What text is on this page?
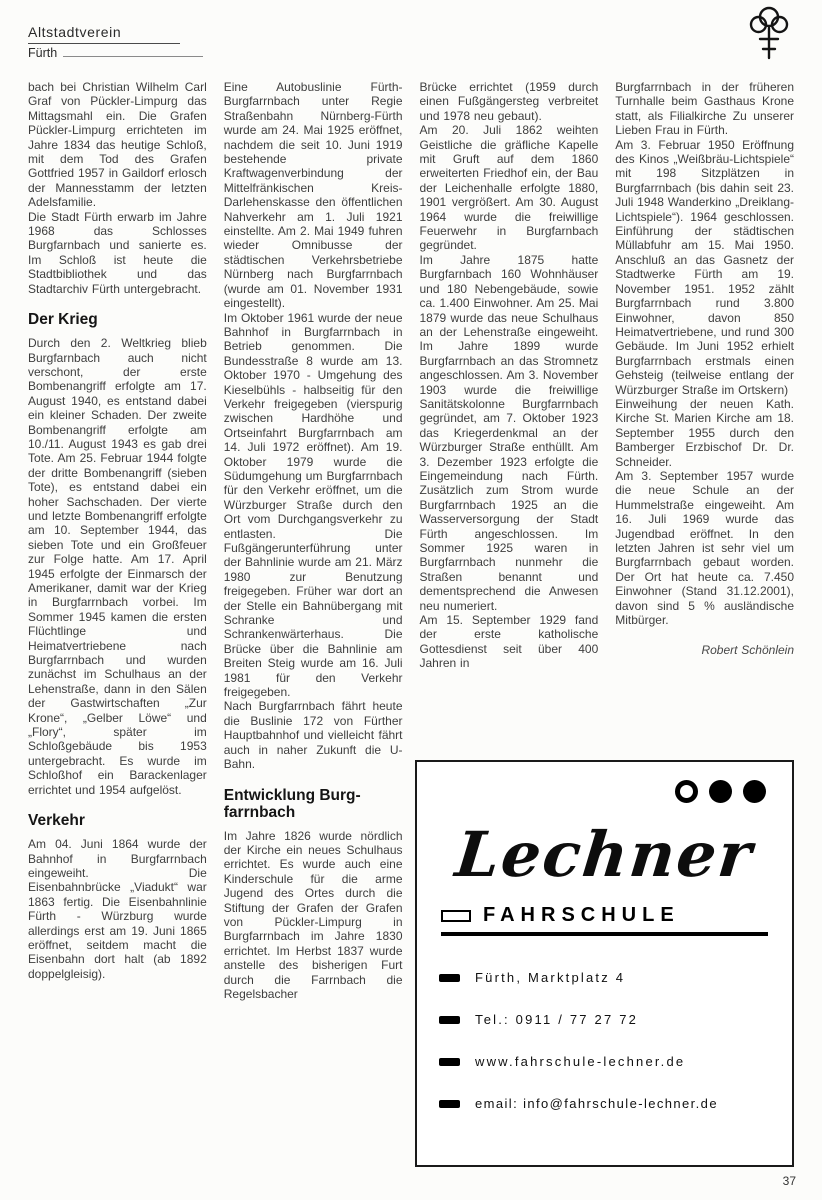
Altstadtverein
Fürth

bach bei Christian Wilhelm Carl Graf von Pückler-Limpurg das Mittagsmahl ein. Die Grafen Pückler-Limpurg errichteten im Jahre 1834 das heutige Schloß, mit dem Tod des Grafen Gottfried 1957 in Gaildorf erlosch der Mannesstamm der letzten Adelsfamilie.

Die Stadt Fürth erwarb im Jahre 1968 das Schlosses Burgfarnbach und sanierte es. Im Schloß ist heute die Stadtbibliothek und das Stadtarchiv Fürth untergebracht.

Der Krieg

Durch den 2. Weltkrieg blieb Burgfarnbach auch nicht verschont, der erste Bombenangriff erfolgte am 17. August 1940, es entstand dabei ein kleiner Schaden. Der zweite Bombenangriff erfolgte am 10./11. August 1943 es gab drei Tote. Am 25. Februar 1944 folgte der dritte Bombenangriff (sieben Tote), es entstand dabei ein hoher Sachschaden. Der vierte und letzte Bombenangriff erfolgte am 10. September 1944, das sieben Tote und ein Großfeuer zur Folge hatte. Am 17. April 1945 erfolgte der Einmarsch der Amerikaner, damit war der Krieg in Burgfarrnbach vorbei. Im Sommer 1945 kamen die ersten Flüchtlinge und Heimatvertriebene nach Burgfarrnbach und wurden zunächst im Schulhaus an der Lehenstraße, dann in den Sälen der Gastwirtschaften „Zur Krone“, „Gelber Löwe“ und „Flory“, später im Schloßgebäude bis 1953 untergebracht. Es wurde im Schloßhof ein Barackenlager errichtet und 1954 aufgelöst.

Verkehr

Am 04. Juni 1864 wurde der Bahnhof in Burgfarrnbach eingeweiht. Die Eisenbahnbrücke „Viadukt“ war 1863 fertig. Die Eisenbahnlinie Fürth - Würzburg wurde allerdings erst am 19. Juni 1865 eröffnet, seitdem macht die Eisenbahn dort halt (ab 1892 doppelgleisig).

Eine Autobuslinie Fürth-Burgfarrnbach unter Regie Straßenbahn Nürnberg-Fürth wurde am 24. Mai 1925 eröffnet, nachdem die seit 10. Juni 1919 bestehende private Kraftwagenverbindung der Mittelfränkischen Kreis-Darlehenskasse den öffentlichen Nahverkehr am 1. Juli 1921 einstellte. Am 2. Mai 1949 fuhren wieder Omnibusse der städtischen Verkehrsbetriebe Nürnberg nach Burgfarrnbach (wurde am 01. November 1931 eingestellt).

Im Oktober 1961 wurde der neue Bahnhof in Burgfarrnbach in Betrieb genommen. Die Bundesstraße 8 wurde am 13. Oktober 1970 - Umgehung des Kieselbühls - halbseitig für den Verkehr freigegeben (vierspurig zwischen Hardhöhe und Ortseinfahrt Burgfarrnbach am 14. Juli 1972 eröffnet). Am 19. Oktober 1979 wurde die Südumgehung um Burgfarrnbach für den Verkehr eröffnet, um die Würzburger Straße durch den Ort vom Durchgangsverkehr zu entlasten. Die Fußgängerunterführung unter der Bahnlinie wurde am 21. März 1980 zur Benutzung freigegeben. Früher war dort an der Stelle ein Bahnübergang mit Schranke und Schrankenwärterhaus. Die Brücke über die Bahnlinie am Breiten Steig wurde am 16. Juli 1981 für den Verkehr freigegeben.

Nach Burgfarrnbach fährt heute die Buslinie 172 von Fürther Hauptbahnhof und vielleicht fährt auch in naher Zukunft die U-Bahn.

Entwicklung Burg-farrnbach

Im Jahre 1826 wurde nördlich der Kirche ein neues Schulhaus errichtet. Es wurde auch eine Kinderschule für die arme Jugend des Ortes durch die Stiftung der Grafen der Grafen von Pückler-Limpurg in Burgfarrnbach im Jahre 1830 errichtet. Im Herbst 1837 wurde anstelle des bisherigen Furt durch die Farrnbach die Regelsbacher

Brücke errichtet (1959 durch einen Fußgängersteg verbreitet und 1978 neu gebaut).

Am 20. Juli 1862 weihten Geistliche die gräfliche Kapelle mit Gruft auf dem 1860 erweiterten Friedhof ein, der Bau der Leichenhalle erfolgte 1880, 1901 vergrößert. Am 30. August 1964 wurde die freiwillige Feuerwehr in Burgfarnbach gegründet.

Im Jahre 1875 hatte Burgfarnbach 160 Wohnhäuser und 180 Nebengebäude, sowie ca. 1.400 Einwohner. Am 25. Mai 1879 wurde das neue Schulhaus an der Lehenstraße eingeweiht. Im Jahre 1899 wurde Burgfarrnbach an das Stromnetz angeschlossen. Am 3. November 1903 wurde die freiwillige Sanitätskolonne Burgfarrnbach gegründet, am 7. Oktober 1923 das Kriegerdenkmal an der Würzburger Straße enthüllt. Am 3. Dezember 1923 erfolgte die Eingemeindung nach Fürth. Zusätzlich zum Strom wurde Burgfarrnbach 1925 an die Wasserversorgung der Stadt Fürth angeschlossen. Im Sommer 1925 waren in Burgfarrnbach nunmehr die Straßen benannt und dementsprechend die Anwesen neu numeriert.

Am 15. September 1929 fand der erste katholische Gottesdienst seit über 400 Jahren in

Burgfarrnbach in der früheren Turnhalle beim Gasthaus Krone statt, als Filialkirche Zu unserer Lieben Frau in Fürth.

Am 3. Februar 1950 Eröffnung des Kinos „Weißbräu-Lichtspiele“ mit 198 Sitzplätzen in Burgfarrnbach (bis dahin seit 23. Juli 1948 Wanderkino „Dreiklang-Lichtspiele“). 1964 geschlossen. Einführung der städtischen Müllabfuhr am 15. Mai 1950. Anschluß an das Gasnetz der Stadtwerke Fürth am 19. November 1951. 1952 zählt Burgfarrnbach rund 3.800 Einwohner, davon 850 Heimatvertriebene, und rund 300 Gebäude. Im Juni 1952 erhielt Burgfarrnbach erstmals einen Gehsteig (teilweise entlang der Würzburger Straße im Ortskern)

Einweihung der neuen Kath. Kirche St. Marien Kirche am 18. September 1955 durch den Bamberger Erzbischof Dr. Dr. Schneider.

Am 3. September 1957 wurde die neue Schule an der Hummelstraße eingeweiht. Am 16. Juli 1969 wurde das Jugendbad eröffnet. In den letzten Jahren ist sehr viel um Burgfarrnbach gebaut worden. Der Ort hat heute ca. 7.450 Einwohner (Stand 31.12.2001), davon sind 5 % ausländische Mitbürger.

Robert Schönlein

Lechner
FAHRSCHULE
Fürth, Marktplatz 4
Tel.: 0911 / 77 27 72
www.fahrschule-lechner.de
email: info@fahrschule-lechner.de
37
